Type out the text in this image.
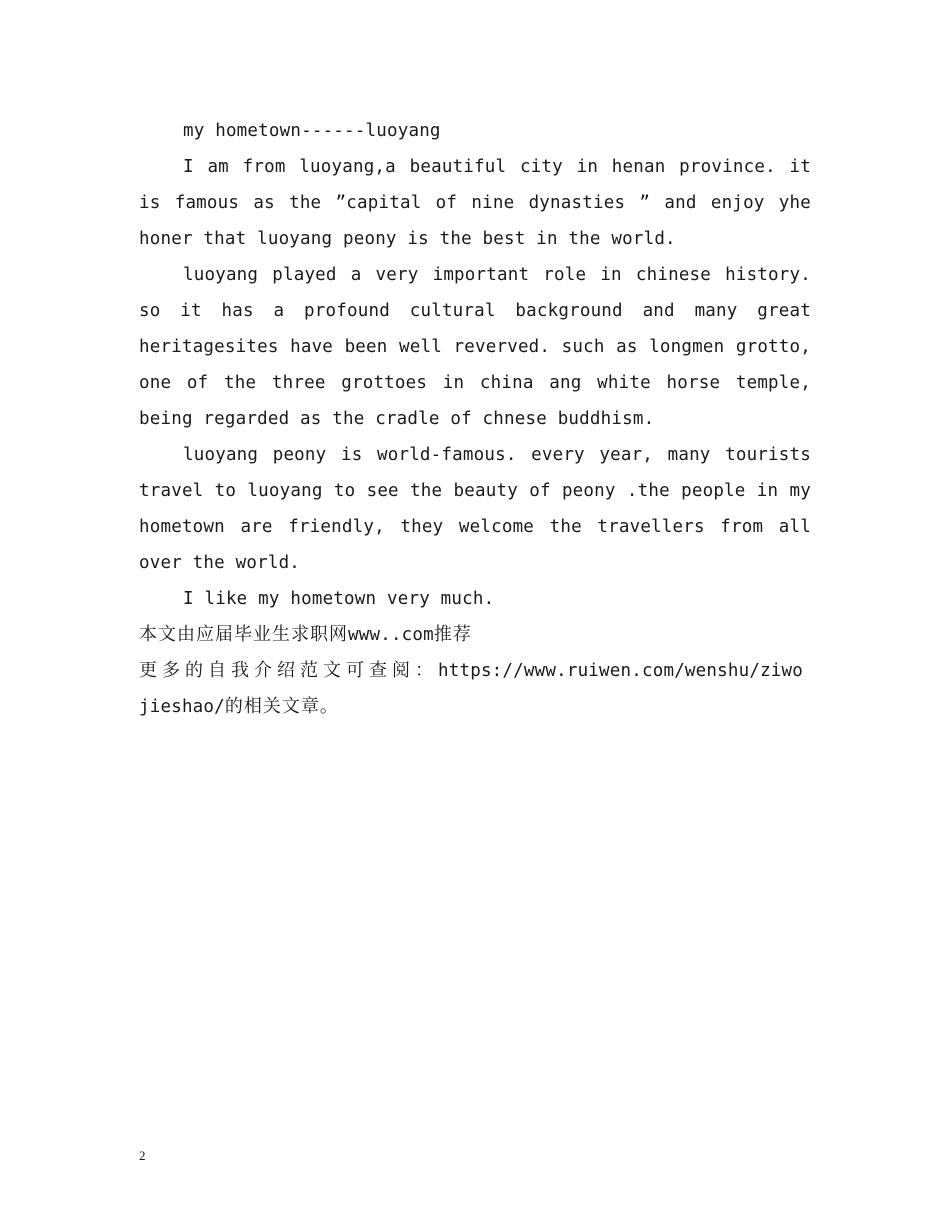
my hometown------luoyang

I am from luoyang,a beautiful city in henan province. it is famous as the ”capital of nine dynasties ” and enjoy yhe honer that luoyang peony is the best in the world.

luoyang played a very important role in chinese history. so it has a profound cultural background and many great heritagesites have been well reverved. such as longmen grotto, one of the three grottoes in china ang white horse temple, being regarded as the cradle of chnese buddhism.

luoyang peony is world-famous. every year, many tourists travel to luoyang to see the beauty of peony .the people in my hometown are friendly, they welcome the travellers from all over the world.

I like my hometown very much.

本文由应届毕业生求职网www..com推荐

更多的自我介绍范文可查阅：https://www.ruiwen.com/wenshu/ziwojieshao/的相关文章。

2
